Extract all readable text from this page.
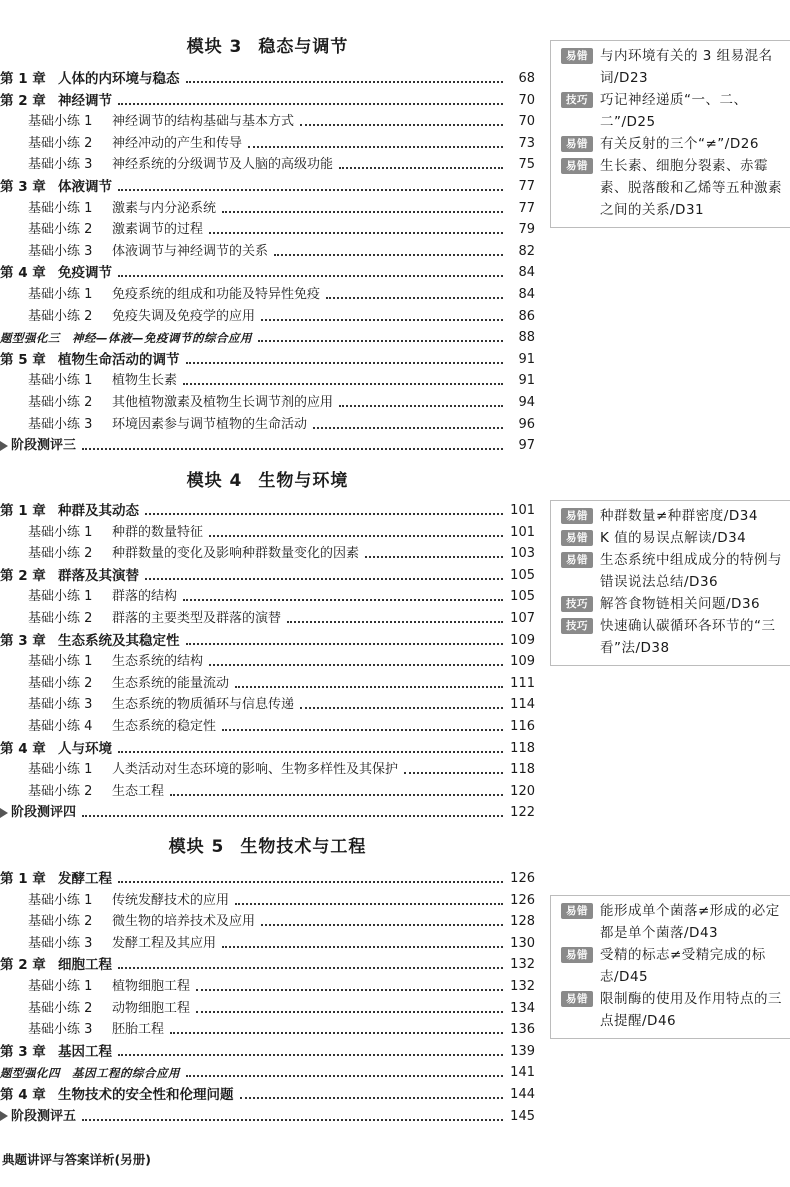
模块 3 稳态与调节
第 1 章 人体的内环境与稳态	68
第 2 章 神经调节	70
基础小练 1 神经调节的结构基础与基本方式	70
基础小练 2 神经冲动的产生和传导	73
基础小练 3 神经系统的分级调节及人脑的高级功能	75
第 3 章 体液调节	77
基础小练 1 激素与内分泌系统	77
基础小练 2 激素调节的过程	79
基础小练 3 体液调节与神经调节的关系	82
第 4 章 免疫调节	84
基础小练 1 免疫系统的组成和功能及特异性免疫	84
基础小练 2 免疫失调及免疫学的应用	86
题型强化三　神经—体液—免疫调节的综合应用	88
第 5 章 植物生命活动的调节	91
基础小练 1 植物生长素	91
基础小练 2 其他植物激素及植物生长调节剂的应用	94
基础小练 3 环境因素参与调节植物的生命活动	96
阶段测评三	97
模块 4 生物与环境
第 1 章 种群及其动态	101
基础小练 1 种群的数量特征	101
基础小练 2 种群数量的变化及影响种群数量变化的因素	103
第 2 章 群落及其演替	105
基础小练 1 群落的结构	105
基础小练 2 群落的主要类型及群落的演替	107
第 3 章 生态系统及其稳定性	109
基础小练 1 生态系统的结构	109
基础小练 2 生态系统的能量流动	111
基础小练 3 生态系统的物质循环与信息传递	114
基础小练 4 生态系统的稳定性	116
第 4 章 人与环境	118
基础小练 1 人类活动对生态环境的影响、生物多样性及其保护	118
基础小练 2 生态工程	120
阶段测评四	122
模块 5 生物技术与工程
第 1 章 发酵工程	126
基础小练 1 传统发酵技术的应用	126
基础小练 2 微生物的培养技术及应用	128
基础小练 3 发酵工程及其应用	130
第 2 章 细胞工程	132
基础小练 1 植物细胞工程	132
基础小练 2 动物细胞工程	134
基础小练 3 胚胎工程	136
第 3 章 基因工程	139
题型强化四　基因工程的综合应用	141
第 4 章 生物技术的安全性和伦理问题	144
阶段测评五	145
易错 与内环境有关的 3 组易混名词/D23
技巧 巧记神经递质“一、二、二”/D25
易错 有关反射的三个“≠”/D26
易错 生长素、细胞分裂素、赤霉素、脱落酸和乙烯等五种激素之间的关系/D31
易错 种群数量≠种群密度/D34
易错 K 值的易误点解读/D34
易错 生态系统中组成成分的特例与错误说法总结/D36
技巧 解答食物链相关问题/D36
技巧 快速确认碳循环各环节的“三看”法/D38
易错 能形成单个菌落≠形成的必定都是单个菌落/D43
易错 受精的标志≠受精完成的标志/D45
易错 限制酶的使用及作用特点的三点提醒/D46
典题讲评与答案详析(另册)
